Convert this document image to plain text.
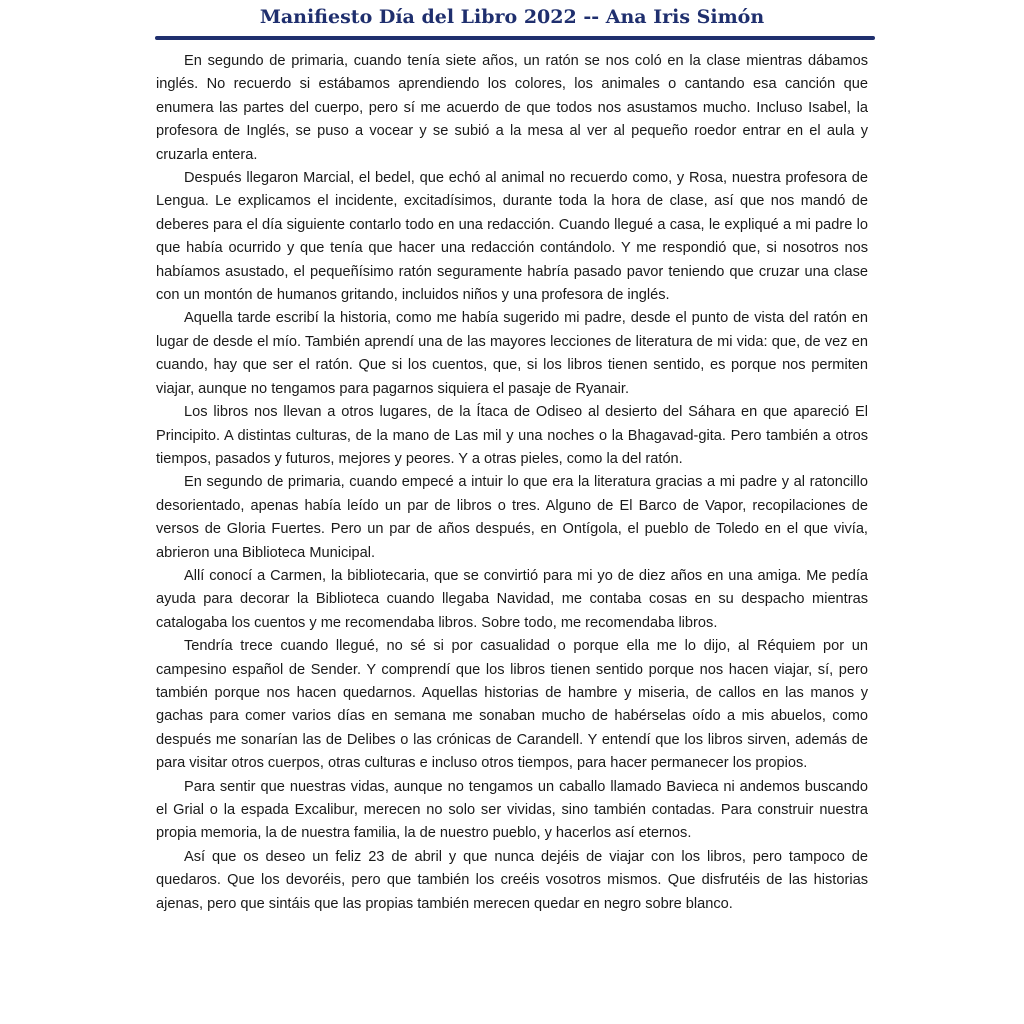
Manifiesto Día del Libro 2022 -- Ana Iris Simón

En segundo de primaria, cuando tenía siete años, un ratón se nos coló en la clase mientras dábamos inglés. No recuerdo si estábamos aprendiendo los colores, los animales o cantando esa canción que enumera las partes del cuerpo, pero sí me acuerdo de que todos nos asustamos mucho. Incluso Isabel, la profesora de Inglés, se puso a vocear y se subió a la mesa al ver al pequeño roedor entrar en el aula y cruzarla entera.

Después llegaron Marcial, el bedel, que echó al animal no recuerdo como, y Rosa, nuestra profesora de Lengua. Le explicamos el incidente, excitadísimos, durante toda la hora de clase, así que nos mandó de deberes para el día siguiente contarlo todo en una redacción. Cuando llegué a casa, le expliqué a mi padre lo que había ocurrido y que tenía que hacer una redacción contándolo. Y me respondió que, si nosotros nos habíamos asustado, el pequeñísimo ratón seguramente habría pasado pavor teniendo que cruzar una clase con un montón de humanos gritando, incluidos niños y una profesora de inglés.

Aquella tarde escribí la historia, como me había sugerido mi padre, desde el punto de vista del ratón en lugar de desde el mío. También aprendí una de las mayores lecciones de literatura de mi vida: que, de vez en cuando, hay que ser el ratón. Que si los cuentos, que, si los libros tienen sentido, es porque nos permiten viajar, aunque no tengamos para pagarnos siquiera el pasaje de Ryanair.

Los libros nos llevan a otros lugares, de la Ítaca de Odiseo al desierto del Sáhara en que apareció El Principito. A distintas culturas, de la mano de Las mil y una noches o la Bhagavad-gita. Pero también a otros tiempos, pasados y futuros, mejores y peores. Y a otras pieles, como la del ratón.

En segundo de primaria, cuando empecé a intuir lo que era la literatura gracias a mi padre y al ratoncillo desorientado, apenas había leído un par de libros o tres. Alguno de El Barco de Vapor, recopilaciones de versos de Gloria Fuertes. Pero un par de años después, en Ontígola, el pueblo de Toledo en el que vivía, abrieron una Biblioteca Municipal.

Allí conocí a Carmen, la bibliotecaria, que se convirtió para mi yo de diez años en una amiga. Me pedía ayuda para decorar la Biblioteca cuando llegaba Navidad, me contaba cosas en su despacho mientras catalogaba los cuentos y me recomendaba libros. Sobre todo, me recomendaba libros.

Tendría trece cuando llegué, no sé si por casualidad o porque ella me lo dijo, al Réquiem por un campesino español de Sender. Y comprendí que los libros tienen sentido porque nos hacen viajar, sí, pero también porque nos hacen quedarnos. Aquellas historias de hambre y miseria, de callos en las manos y gachas para comer varios días en semana me sonaban mucho de habérselas oído a mis abuelos, como después me sonarían las de Delibes o las crónicas de Carandell. Y entendí que los libros sirven, además de para visitar otros cuerpos, otras culturas e incluso otros tiempos, para hacer permanecer los propios.

Para sentir que nuestras vidas, aunque no tengamos un caballo llamado Bavieca ni andemos buscando el Grial o la espada Excalibur, merecen no solo ser vividas, sino también contadas. Para construir nuestra propia memoria, la de nuestra familia, la de nuestro pueblo, y hacerlos así eternos.

Así que os deseo un feliz 23 de abril y que nunca dejéis de viajar con los libros, pero tampoco de quedaros. Que los devoréis, pero que también los creéis vosotros mismos. Que disfrutéis de las historias ajenas, pero que sintáis que las propias también merecen quedar en negro sobre blanco.
